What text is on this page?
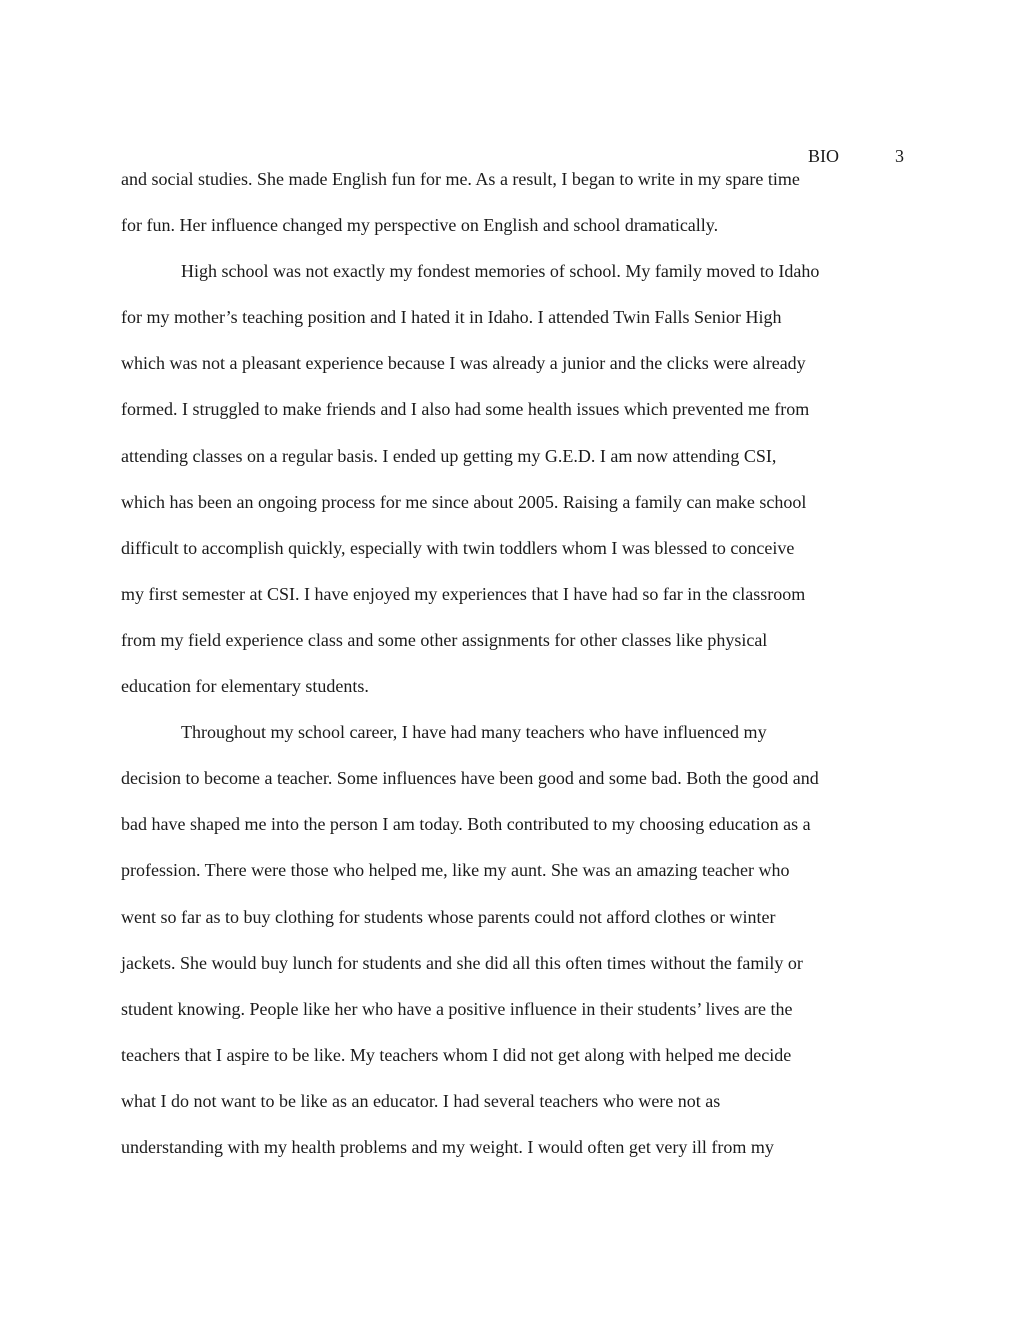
BIO	3
and social studies. She made English fun for me. As a result, I began to write in my spare time
for fun. Her influence changed my perspective on English and school dramatically.
High school was not exactly my fondest memories of school. My family moved to Idaho
for my mother’s teaching position and I hated it in Idaho. I attended Twin Falls Senior High
which was not a pleasant experience because I was already a junior and the clicks were already
formed. I struggled to make friends and I also had some health issues which prevented me from
attending classes on a regular basis. I ended up getting my G.E.D. I am now attending CSI,
which has been an ongoing process for me since about 2005. Raising a family can make school
difficult to accomplish quickly, especially with twin toddlers whom I was blessed to conceive
my first semester at CSI. I have enjoyed my experiences that I have had so far in the classroom
from my field experience class and some other assignments for other classes like physical
education for elementary students.
Throughout my school career, I have had many teachers who have influenced my
decision to become a teacher. Some influences have been good and some bad. Both the good and
bad have shaped me into the person I am today. Both contributed to my choosing education as a
profession. There were those who helped me, like my aunt. She was an amazing teacher who
went so far as to buy clothing for students whose parents could not afford clothes or winter
jackets. She would buy lunch for students and she did all this often times without the family or
student knowing. People like her who have a positive influence in their students’ lives are the
teachers that I aspire to be like. My teachers whom I did not get along with helped me decide
what I do not want to be like as an educator. I had several teachers who were not as
understanding with my health problems and my weight. I would often get very ill from my
